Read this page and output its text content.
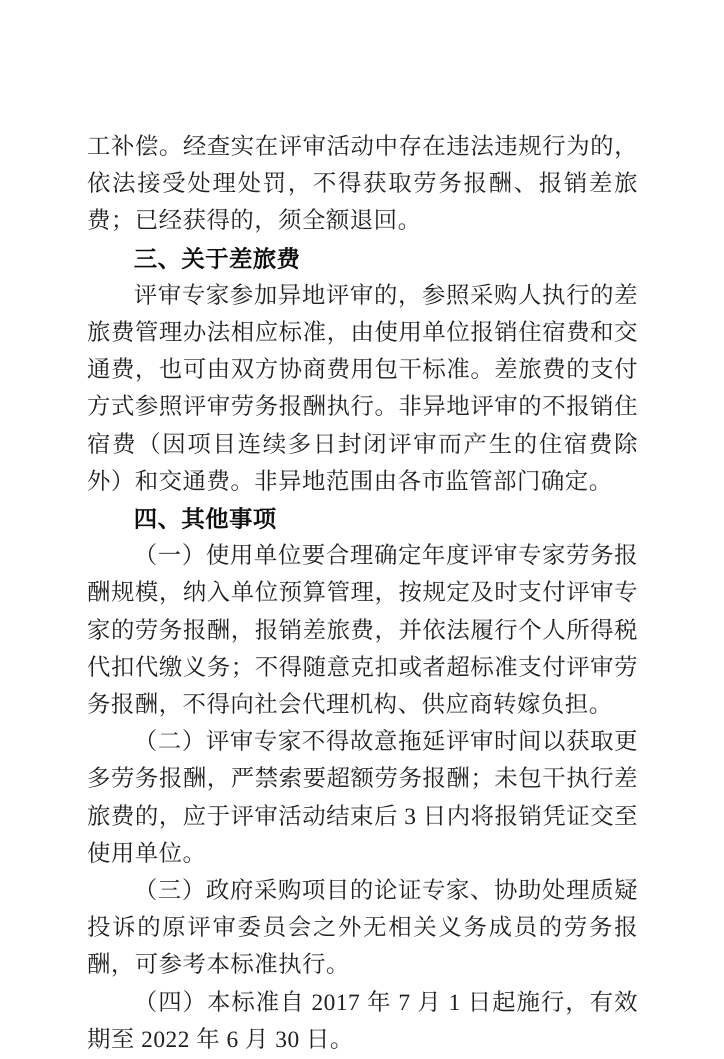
工补偿。经查实在评审活动中存在违法违规行为的，依法接受处理处罚，不得获取劳务报酬、报销差旅费；已经获得的，须全额退回。

三、关于差旅费

评审专家参加异地评审的，参照采购人执行的差旅费管理办法相应标准，由使用单位报销住宿费和交通费，也可由双方协商费用包干标准。差旅费的支付方式参照评审劳务报酬执行。非异地评审的不报销住宿费（因项目连续多日封闭评审而产生的住宿费除外）和交通费。非异地范围由各市监管部门确定。

四、其他事项

（一）使用单位要合理确定年度评审专家劳务报酬规模，纳入单位预算管理，按规定及时支付评审专家的劳务报酬，报销差旅费，并依法履行个人所得税代扣代缴义务；不得随意克扣或者超标准支付评审劳务报酬，不得向社会代理机构、供应商转嫁负担。

（二）评审专家不得故意拖延评审时间以获取更多劳务报酬，严禁索要超额劳务报酬；未包干执行差旅费的，应于评审活动结束后 3 日内将报销凭证交至使用单位。

（三）政府采购项目的论证专家、协助处理质疑投诉的原评审委员会之外无相关义务成员的劳务报酬，可参考本标准执行。

（四）本标准自 2017 年 7 月 1 日起施行，有效期至 2022 年 6 月 30 日。
